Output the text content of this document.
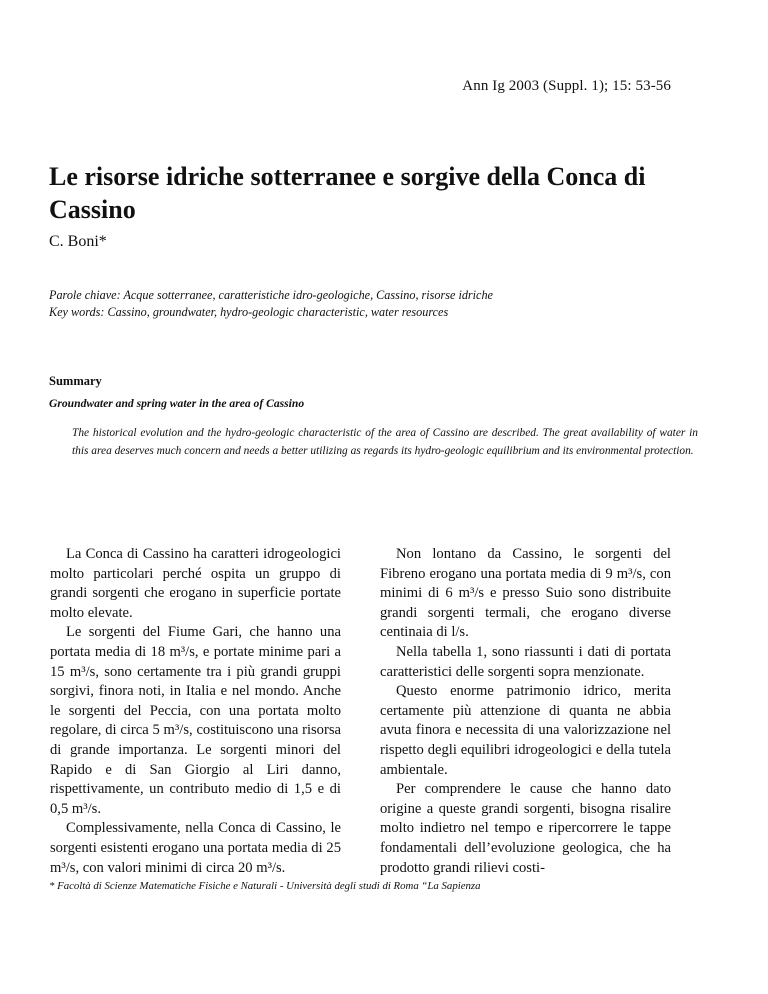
Ann Ig 2003 (Suppl. 1); 15: 53-56
Le risorse idriche sotterranee e sorgive della Conca di Cassino
C. Boni*
Parole chiave: Acque sotterranee, caratteristiche idro-geologiche, Cassino, risorse idriche
Key words: Cassino, groundwater, hydro-geologic characteristic, water resources
Summary
Groundwater and spring water in the area of Cassino
The historical evolution and the hydro-geologic characteristic of the area of Cassino are described. The great availability of water in this area deserves much concern and needs a better utilizing as regards its hydro-geologic equilibrium and its environmental protection.

La Conca di Cassino ha caratteri idrogeologici molto particolari perché ospita un gruppo di grandi sorgenti che erogano in superficie portate molto elevate.

Le sorgenti del Fiume Gari, che hanno una portata media di 18 m³/s, e portate minime pari a 15 m³/s, sono certamente tra i più grandi gruppi sorgivi, finora noti, in Italia e nel mondo. Anche le sorgenti del Peccia, con una portata molto regolare, di circa 5 m³/s, costituiscono una risorsa di grande importanza. Le sorgenti minori del Rapido e di San Giorgio al Liri danno, rispettivamente, un contributo medio di 1,5 e di 0,5 m³/s.

Complessivamente, nella Conca di Cassino, le sorgenti esistenti erogano una portata media di 25 m³/s, con valori minimi di circa 20 m³/s.

Non lontano da Cassino, le sorgenti del Fibreno erogano una portata media di 9 m³/s, con minimi di 6 m³/s e presso Suio sono distribuite grandi sorgenti termali, che erogano diverse centinaia di l/s.

Nella tabella 1, sono riassunti i dati di portata caratteristici delle sorgenti sopra menzionate.

Questo enorme patrimonio idrico, merita certamente più attenzione di quanta ne abbia avuta finora e necessita di una valorizzazione nel rispetto degli equilibri idrogeologici e della tutela ambientale.

Per comprendere le cause che hanno dato origine a queste grandi sorgenti, bisogna risalire molto indietro nel tempo e ripercorrere le tappe fondamentali dell’evoluzione geologica, che ha prodotto grandi rilievi costi-

* Facoltà di Scienze Matematiche Fisiche e Naturali - Università degli studi di Roma “La Sapienza
